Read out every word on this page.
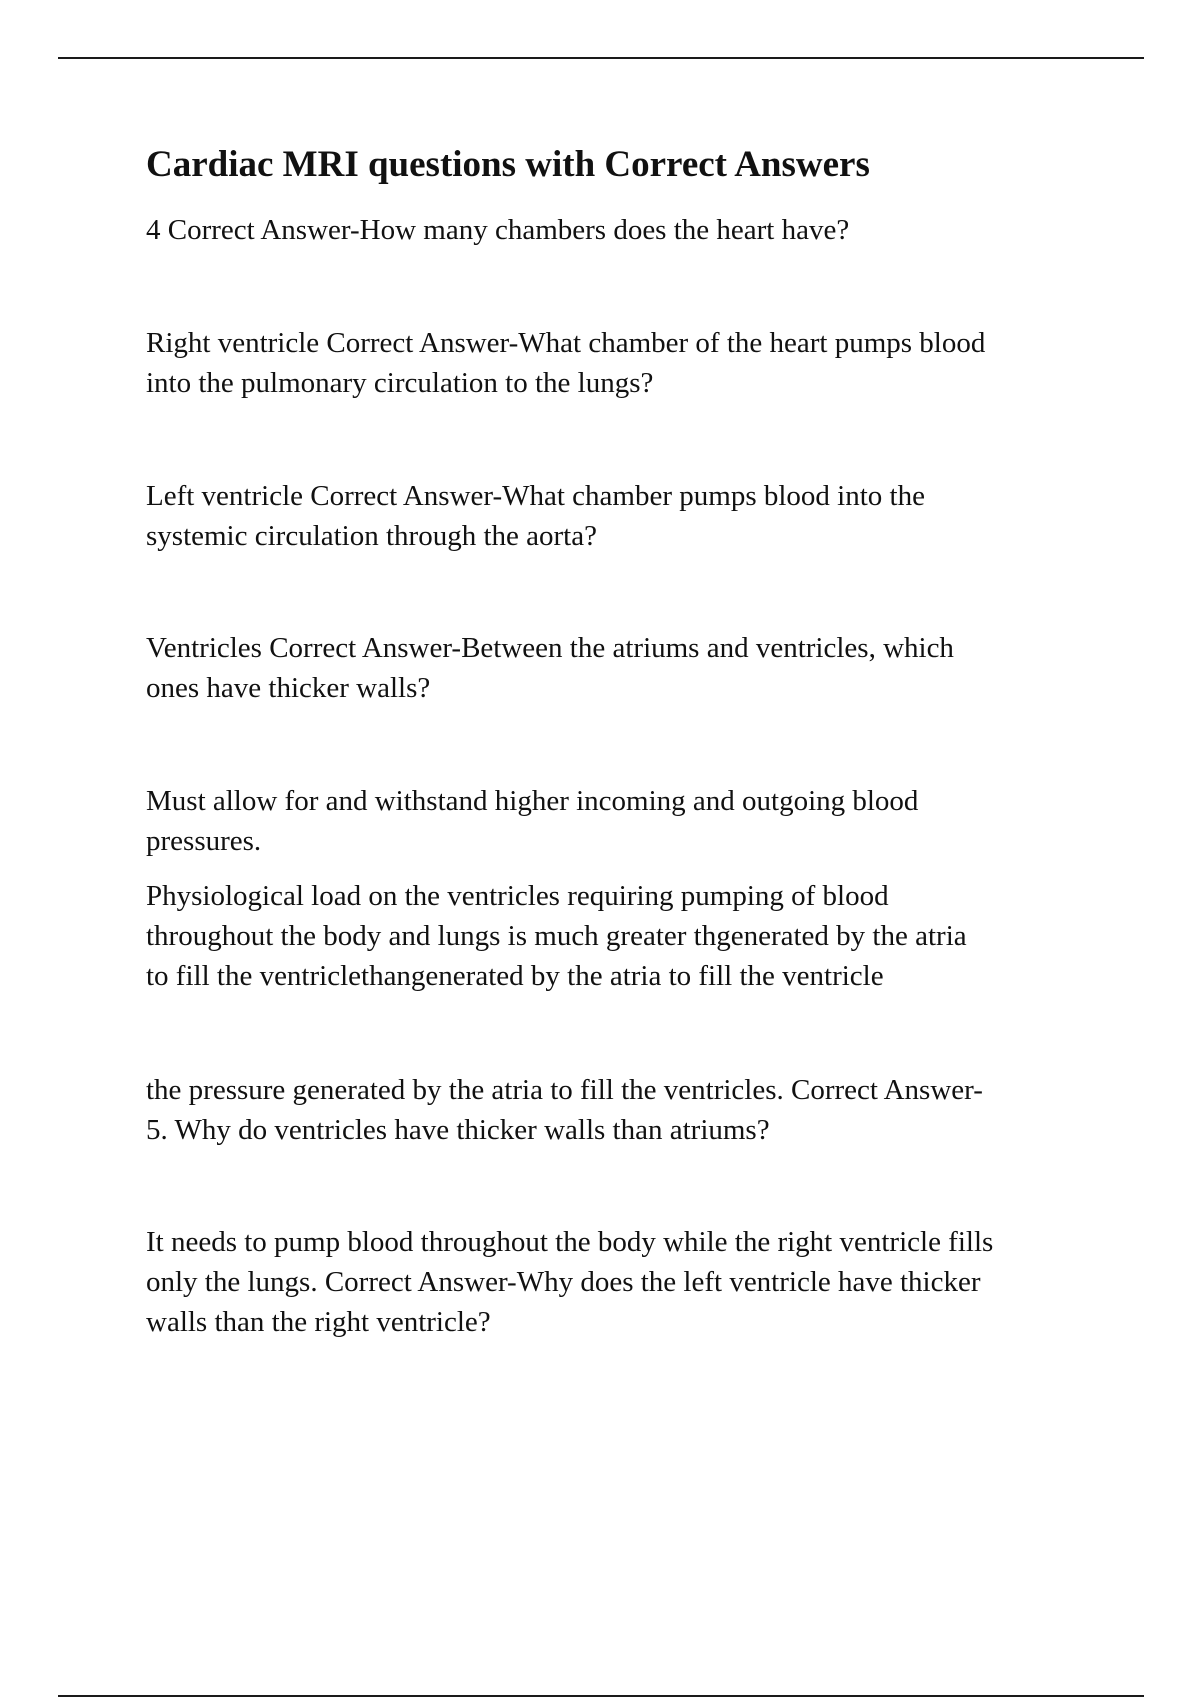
Cardiac MRI questions with Correct Answers

4 Correct Answer-How many chambers does the heart have?

Right ventricle Correct Answer-What chamber of the heart pumps blood
into the pulmonary circulation to the lungs?

Left ventricle Correct Answer-What chamber pumps blood into the
systemic circulation through the aorta?

Ventricles Correct Answer-Between the atriums and ventricles, which
ones have thicker walls?

Must allow for and withstand higher incoming and outgoing blood
pressures.

Physiological load on the ventricles requiring pumping of blood
throughout the body and lungs is much greater thgenerated by the atria
to fill the ventriclethangenerated by the atria to fill the ventricle

the pressure generated by the atria to fill the ventricles. Correct Answer-
5. Why do ventricles have thicker walls than atriums?

It needs to pump blood throughout the body while the right ventricle fills
only the lungs. Correct Answer-Why does the left ventricle have thicker
walls than the right ventricle?
